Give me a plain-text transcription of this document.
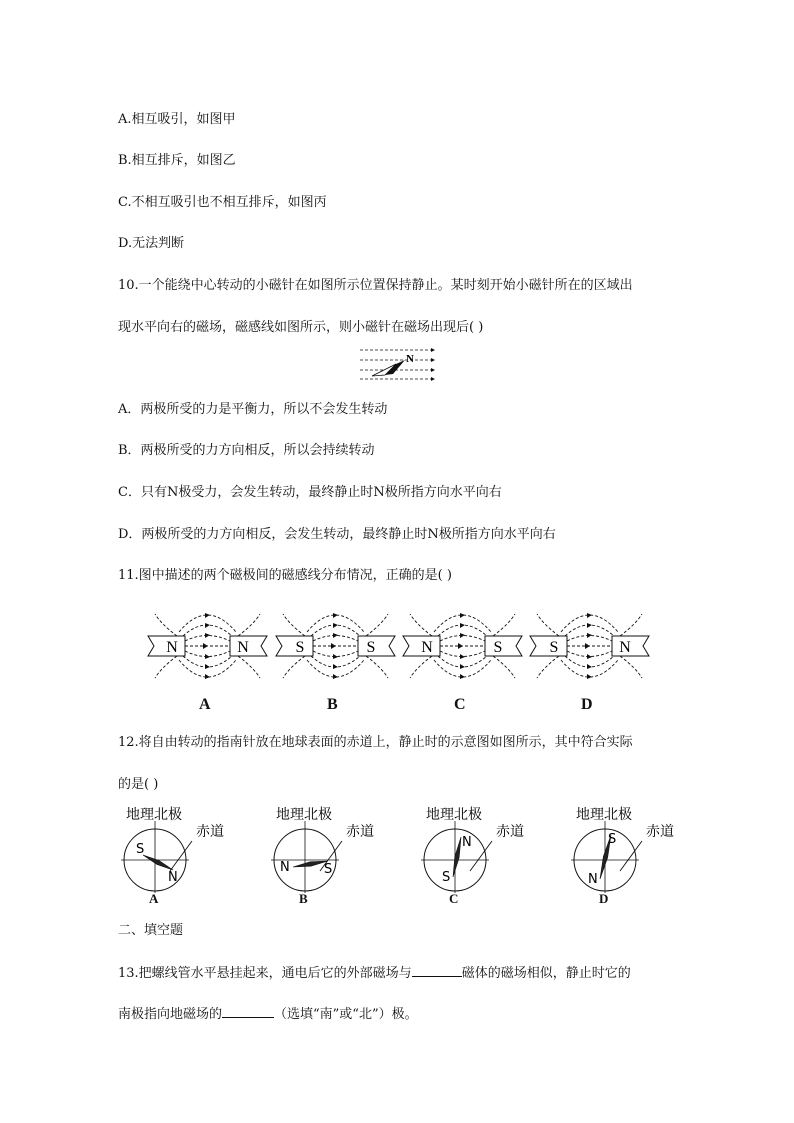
A.相互吸引，如图甲
B.相互排斥，如图乙
C.不相互吸引也不相互排斥，如图丙
D.无法判断
10.一个能绕中心转动的小磁针在如图所示位置保持静止。某时刻开始小磁针所在的区域出
现水平向右的磁场，磁感线如图所示，则小磁针在磁场出现后( )
N
A．两极所受的力是平衡力，所以不会发生转动
B．两极所受的力方向相反，所以会持续转动
C．只有N极受力，会发生转动，最终静止时N极所指方向水平向右
D．两极所受的力方向相反，会发生转动，最终静止时N极所指方向水平向右
11.图中描述的两个磁极间的磁感线分布情况，正确的是( )
N	N
A
S	S
B
N	S
C
S	N
D
12.将自由转动的指南针放在地球表面的赤道上，静止时的示意图如图所示，其中符合实际
的是( )
地理北极
赤道
S
N
A
地理北极
赤道
N	S
B
地理北极
赤道
N
S
C
地理北极
赤道
S
N
D
二、填空题
13.把螺线管水平悬挂起来，通电后它的外部磁场与	磁体的磁场相似，静止时它的
南极指向地磁场的	（选填“南”或“北”）极。
